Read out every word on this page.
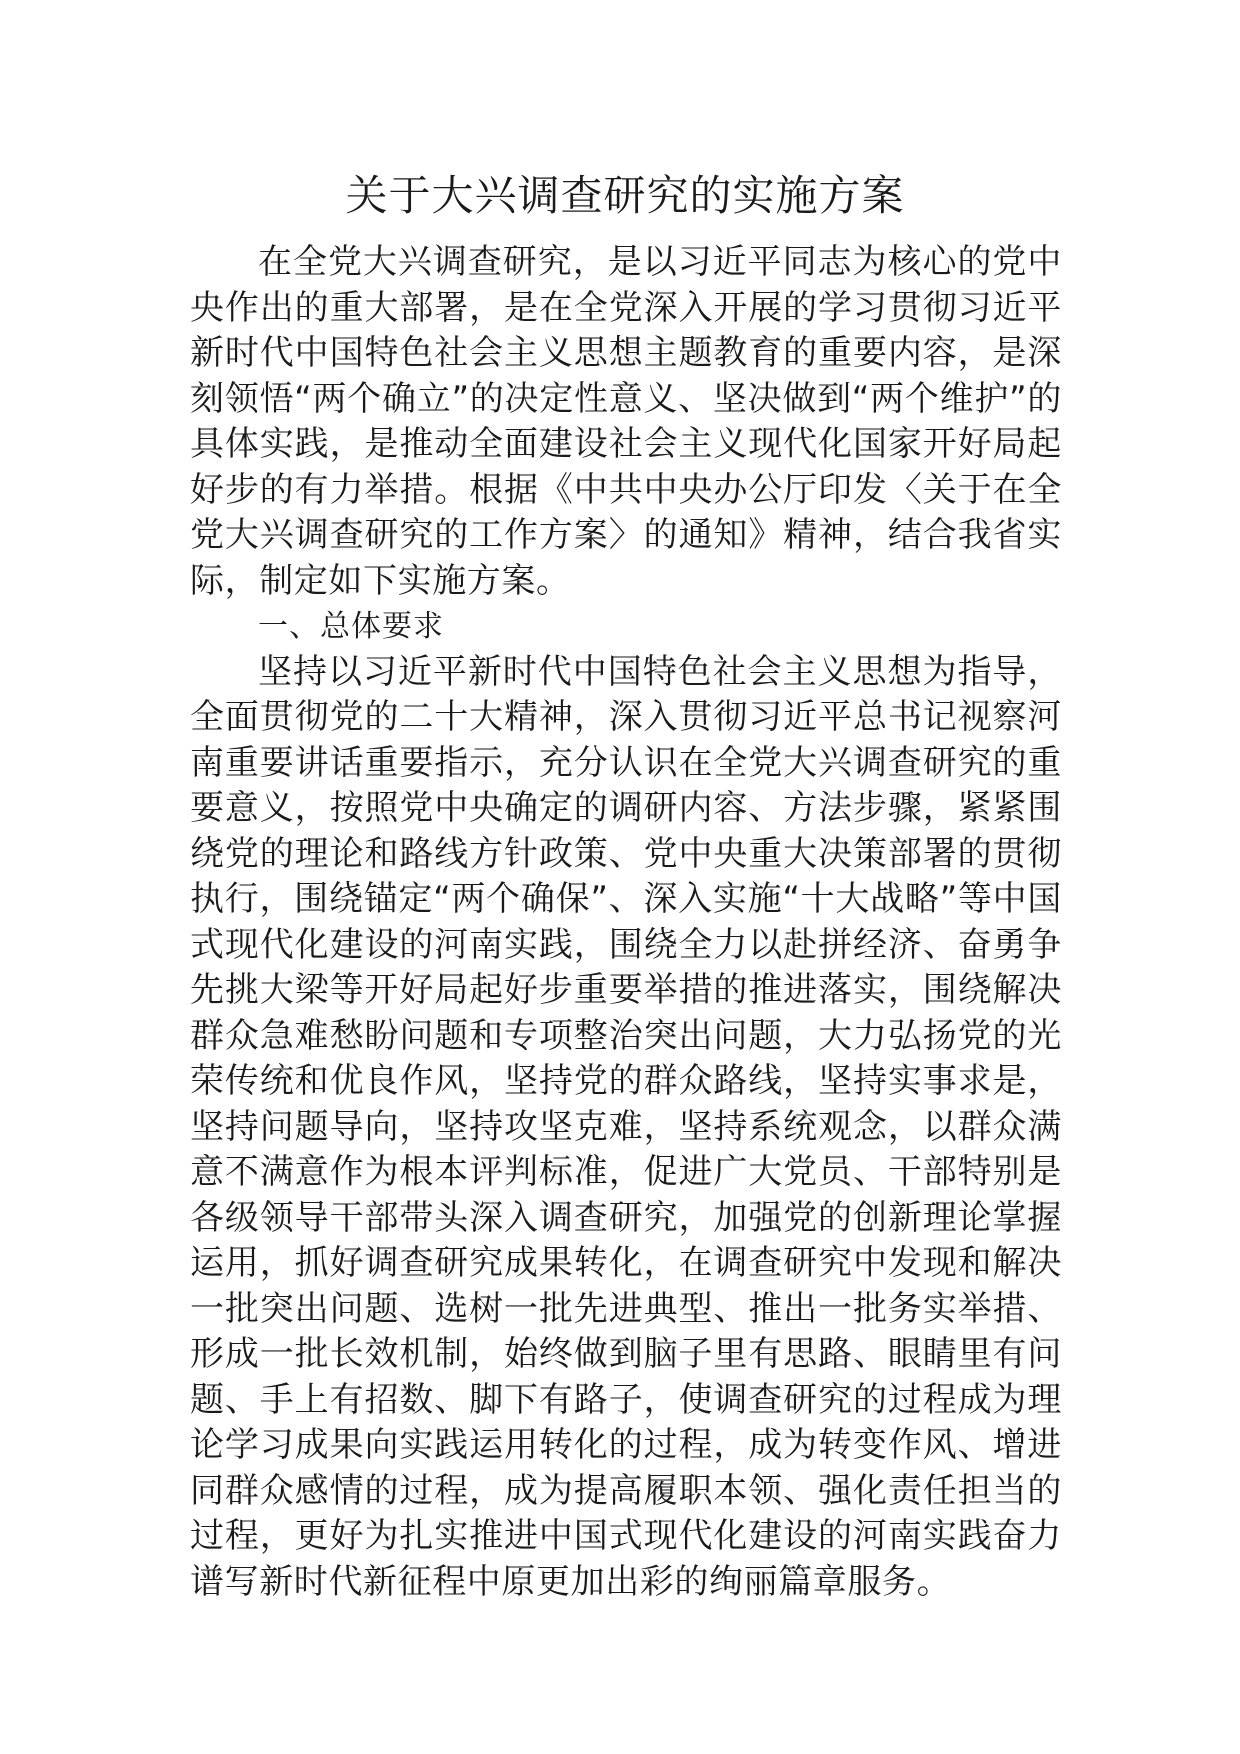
关于大兴调查研究的实施方案

在全党大兴调查研究，是以习近平同志为核心的党中央作出的重大部署，是在全党深入开展的学习贯彻习近平新时代中国特色社会主义思想主题教育的重要内容，是深刻领悟“两个确立”的决定性意义、坚决做到“两个维护”的具体实践，是推动全面建设社会主义现代化国家开好局起好步的有力举措。根据《中共中央办公厅印发〈关于在全党大兴调查研究的工作方案〉的通知》精神，结合我省实际，制定如下实施方案。

一、总体要求

坚持以习近平新时代中国特色社会主义思想为指导，全面贯彻党的二十大精神，深入贯彻习近平总书记视察河南重要讲话重要指示，充分认识在全党大兴调查研究的重要意义，按照党中央确定的调研内容、方法步骤，紧紧围绕党的理论和路线方针政策、党中央重大决策部署的贯彻执行，围绕锚定“两个确保”、深入实施“十大战略”等中国式现代化建设的河南实践，围绕全力以赴拼经济、奋勇争先挑大梁等开好局起好步重要举措的推进落实，围绕解决群众急难愁盼问题和专项整治突出问题，大力弘扬党的光荣传统和优良作风，坚持党的群众路线，坚持实事求是，坚持问题导向，坚持攻坚克难，坚持系统观念，以群众满意不满意作为根本评判标准，促进广大党员、干部特别是各级领导干部带头深入调查研究，加强党的创新理论掌握运用，抓好调查研究成果转化，在调查研究中发现和解决一批突出问题、选树一批先进典型、推出一批务实举措、形成一批长效机制，始终做到脑子里有思路、眼睛里有问题、手上有招数、脚下有路子，使调查研究的过程成为理论学习成果向实践运用转化的过程，成为转变作风、增进同群众感情的过程，成为提高履职本领、强化责任担当的过程，更好为扎实推进中国式现代化建设的河南实践奋力谱写新时代新征程中原更加出彩的绚丽篇章服务。
